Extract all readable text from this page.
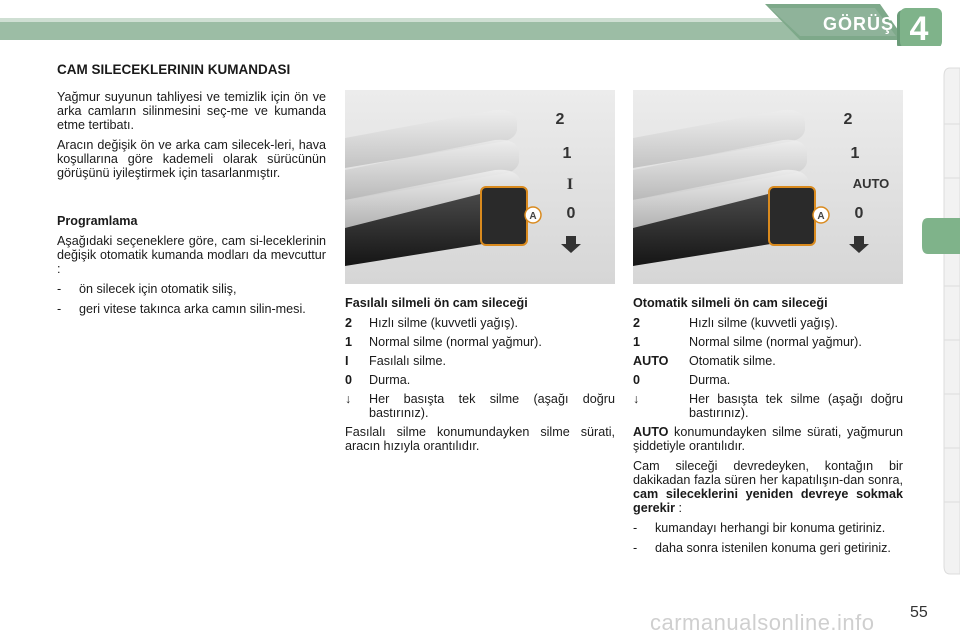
GÖRÜŞ 4
CAM SILECEKLERININ KUMANDASI

Yağmur suyunun tahliyesi ve temizlik için ön ve arka camların silinmesini seç-me ve kumanda etme tertibatı.

Aracın değişik ön ve arka cam silecek-leri, hava koşullarına göre kademeli olarak sürücünün görüşünü iyileştirmek için tasarlanmıştır.

Programlama

Aşağıdaki seçeneklere göre, cam si-leceklerinin değişik otomatik kumanda modları da mevcuttur :

-	ön silecek için otomatik siliş,
-	geri vitese takınca arka camın silin-mesi.
A
2
1
I
0	A
2
1
AUTO
0

Fasılalı silmeli ön cam sileceği

2	Hızlı silme (kuvvetli yağış).
1	Normal silme (normal yağmur).
I	Fasılalı silme.
0	Durma.
↓	Her basışta tek silme (aşağı doğru bastırınız).

Fasılalı silme konumundayken silme sürati, aracın hızıyla orantılıdır.

Otomatik silmeli ön cam sileceği

2	Hızlı silme (kuvvetli yağış).
1	Normal silme (normal yağmur).
AUTO	Otomatik silme.
0	Durma.
↓	Her basışta tek silme (aşağı doğru bastırınız).

AUTO konumundayken silme sürati, yağmurun şiddetiyle orantılıdır.

Cam sileceği devredeyken, kontağın bir dakikadan fazla süren her kapatılışın-dan sonra, cam sileceklerini yeniden devreye sokmak gerekir :

-	kumandayı herhangi bir konuma getiriniz.
-	daha sonra istenilen konuma geri getiriniz.
carmanualsonline.info 55
